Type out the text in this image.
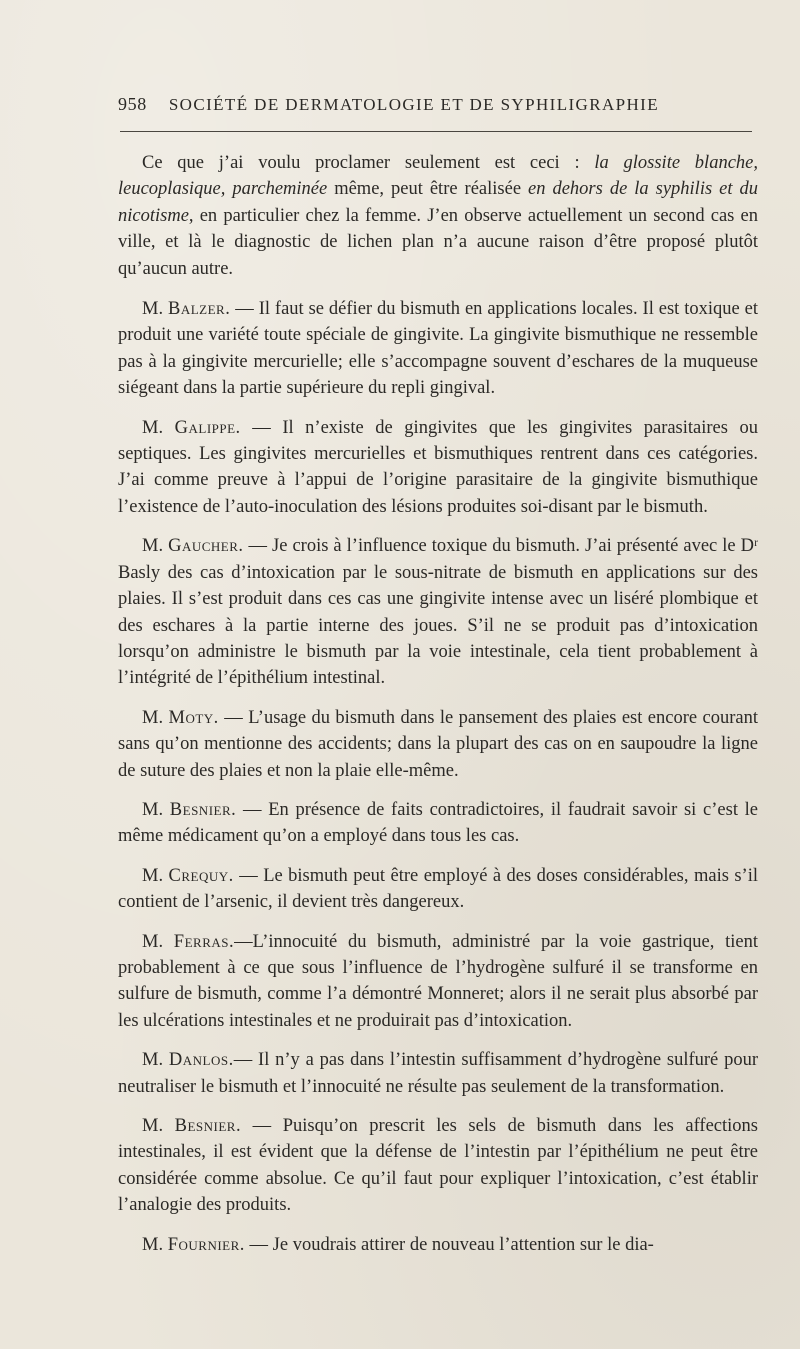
958 SOCIÉTÉ DE DERMATOLOGIE ET DE SYPHILIGRAPHIE

Ce que j’ai voulu proclamer seulement est ceci : la glossite blanche, leucoplasique, parcheminée même, peut être réalisée en dehors de la syphilis et du nicotisme, en particulier chez la femme. J’en observe actuellement un second cas en ville, et là le diagnostic de lichen plan n’a aucune raison d’être proposé plutôt qu’aucun autre.

M. Balzer. — Il faut se défier du bismuth en applications locales. Il est toxique et produit une variété toute spéciale de gingivite. La gingivite bismuthique ne ressemble pas à la gingivite mercurielle; elle s’accompagne souvent d’eschares de la muqueuse siégeant dans la partie supérieure du repli gingival.

M. Galippe. — Il n’existe de gingivites que les gingivites parasitaires ou septiques. Les gingivites mercurielles et bismuthiques rentrent dans ces catégories. J’ai comme preuve à l’appui de l’origine parasitaire de la gingivite bismuthique l’existence de l’auto-inoculation des lésions produites soi-disant par le bismuth.

M. Gaucher. — Je crois à l’influence toxique du bismuth. J’ai présenté avec le Dʳ Basly des cas d’intoxication par le sous-nitrate de bismuth en applications sur des plaies. Il s’est produit dans ces cas une gingivite intense avec un liséré plombique et des eschares à la partie interne des joues. S’il ne se produit pas d’intoxication lorsqu’on administre le bismuth par la voie intestinale, cela tient probablement à l’intégrité de l’épithélium intestinal.

M. Moty. — L’usage du bismuth dans le pansement des plaies est encore courant sans qu’on mentionne des accidents; dans la plupart des cas on en saupoudre la ligne de suture des plaies et non la plaie elle-même.

M. Besnier. — En présence de faits contradictoires, il faudrait savoir si c’est le même médicament qu’on a employé dans tous les cas.

M. Crequy. — Le bismuth peut être employé à des doses considérables, mais s’il contient de l’arsenic, il devient très dangereux.

M. Ferras.—L’innocuité du bismuth, administré par la voie gastrique, tient probablement à ce que sous l’influence de l’hydrogène sulfuré il se transforme en sulfure de bismuth, comme l’a démontré Monneret; alors il ne serait plus absorbé par les ulcérations intestinales et ne produirait pas d’intoxication.

M. Danlos.— Il n’y a pas dans l’intestin suffisamment d’hydrogène sulfuré pour neutraliser le bismuth et l’innocuité ne résulte pas seulement de la transformation.

M. Besnier. — Puisqu’on prescrit les sels de bismuth dans les affections intestinales, il est évident que la défense de l’intestin par l’épithélium ne peut être considérée comme absolue. Ce qu’il faut pour expliquer l’intoxication, c’est établir l’analogie des produits.

M. Fournier. — Je voudrais attirer de nouveau l’attention sur le dia-
